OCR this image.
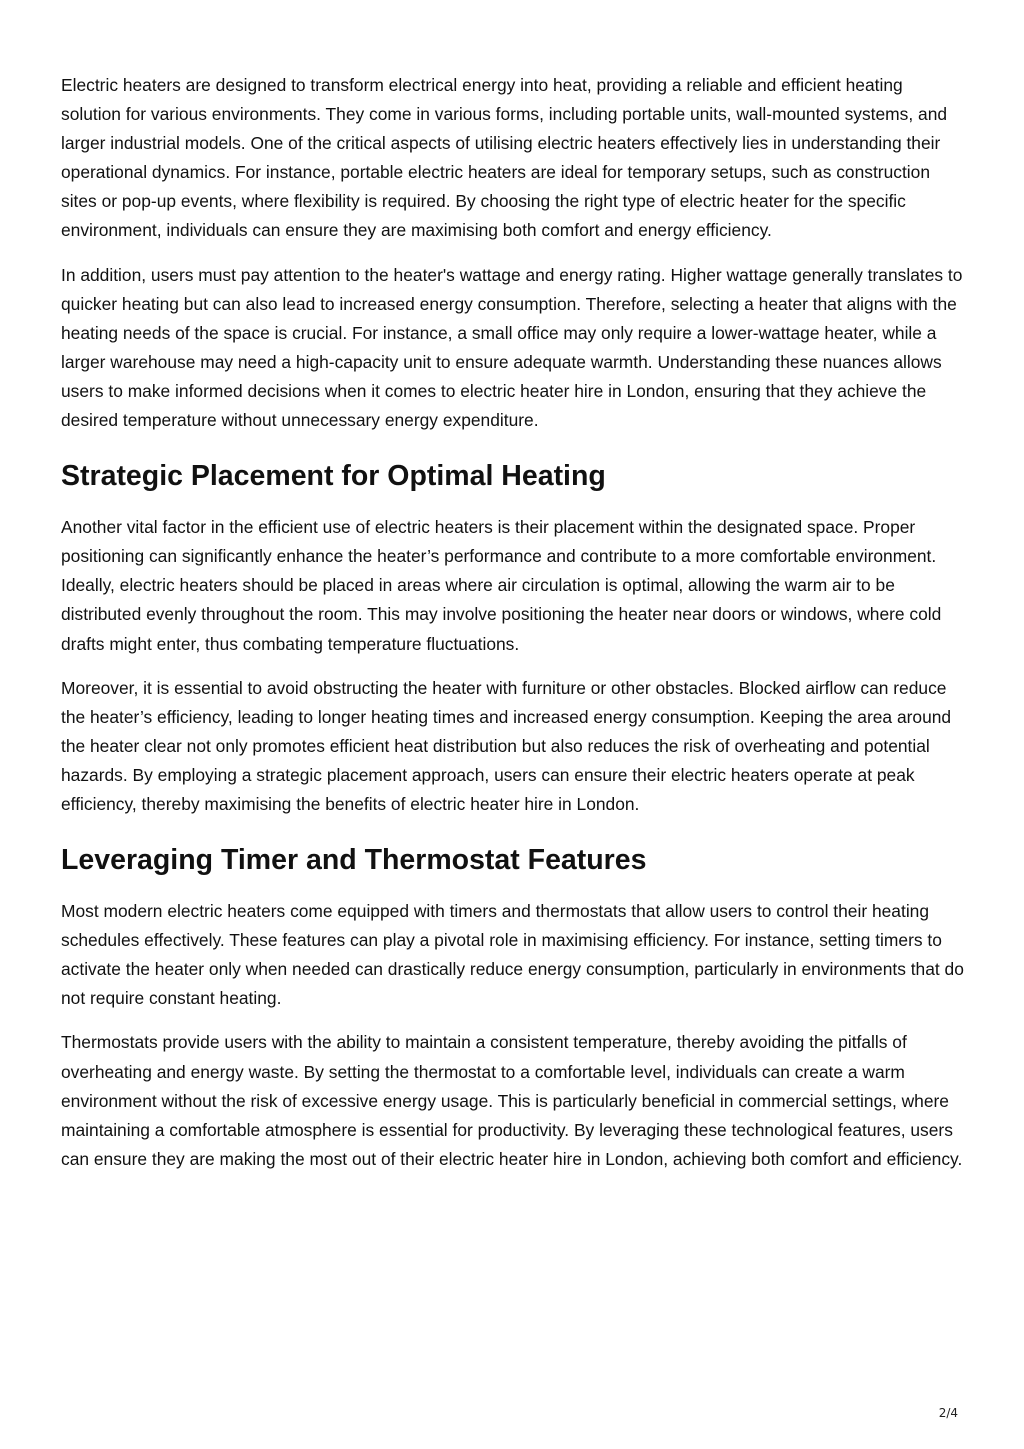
Electric heaters are designed to transform electrical energy into heat, providing a reliable and efficient heating solution for various environments. They come in various forms, including portable units, wall-mounted systems, and larger industrial models. One of the critical aspects of utilising electric heaters effectively lies in understanding their operational dynamics. For instance, portable electric heaters are ideal for temporary setups, such as construction sites or pop-up events, where flexibility is required. By choosing the right type of electric heater for the specific environment, individuals can ensure they are maximising both comfort and energy efficiency.

In addition, users must pay attention to the heater's wattage and energy rating. Higher wattage generally translates to quicker heating but can also lead to increased energy consumption. Therefore, selecting a heater that aligns with the heating needs of the space is crucial. For instance, a small office may only require a lower-wattage heater, while a larger warehouse may need a high-capacity unit to ensure adequate warmth. Understanding these nuances allows users to make informed decisions when it comes to electric heater hire in London, ensuring that they achieve the desired temperature without unnecessary energy expenditure.

Strategic Placement for Optimal Heating

Another vital factor in the efficient use of electric heaters is their placement within the designated space. Proper positioning can significantly enhance the heater’s performance and contribute to a more comfortable environment. Ideally, electric heaters should be placed in areas where air circulation is optimal, allowing the warm air to be distributed evenly throughout the room. This may involve positioning the heater near doors or windows, where cold drafts might enter, thus combating temperature fluctuations.

Moreover, it is essential to avoid obstructing the heater with furniture or other obstacles. Blocked airflow can reduce the heater’s efficiency, leading to longer heating times and increased energy consumption. Keeping the area around the heater clear not only promotes efficient heat distribution but also reduces the risk of overheating and potential hazards. By employing a strategic placement approach, users can ensure their electric heaters operate at peak efficiency, thereby maximising the benefits of electric heater hire in London.

Leveraging Timer and Thermostat Features

Most modern electric heaters come equipped with timers and thermostats that allow users to control their heating schedules effectively. These features can play a pivotal role in maximising efficiency. For instance, setting timers to activate the heater only when needed can drastically reduce energy consumption, particularly in environments that do not require constant heating.

Thermostats provide users with the ability to maintain a consistent temperature, thereby avoiding the pitfalls of overheating and energy waste. By setting the thermostat to a comfortable level, individuals can create a warm environment without the risk of excessive energy usage. This is particularly beneficial in commercial settings, where maintaining a comfortable atmosphere is essential for productivity. By leveraging these technological features, users can ensure they are making the most out of their electric heater hire in London, achieving both comfort and efficiency.

2/4
